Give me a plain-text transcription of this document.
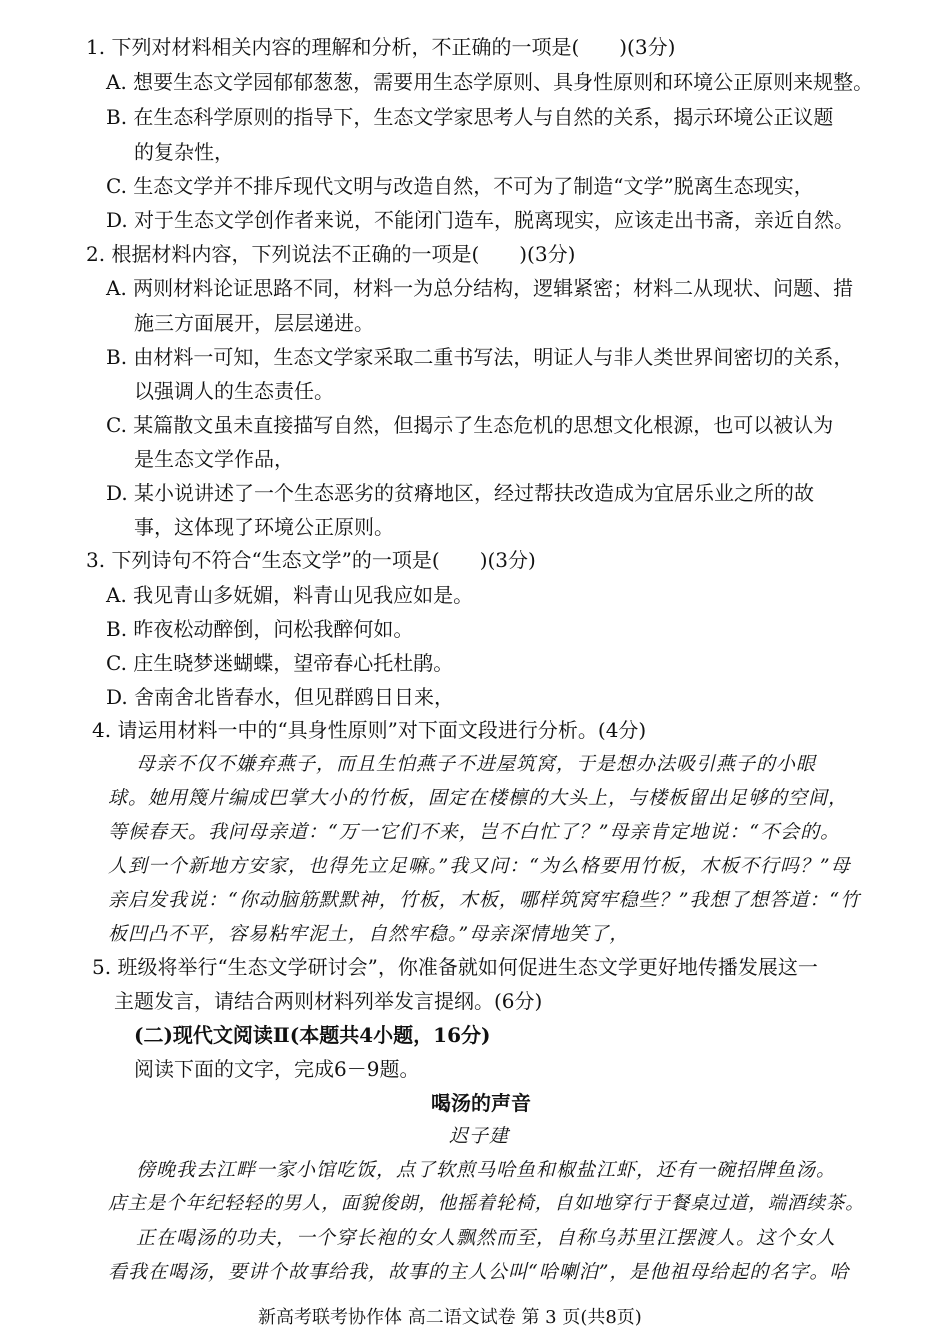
1. 下列对材料相关内容的理解和分析，不正确的一项是(　　)(3分)
A. 想要生态文学园郁郁葱葱，需要用生态学原则、具身性原则和环境公正原则来规整。
B. 在生态科学原则的指导下，生态文学家思考人与自然的关系，揭示环境公正议题
的复杂性，
C. 生态文学并不排斥现代文明与改造自然，不可为了制造“文学”脱离生态现实，
D. 对于生态文学创作者来说，不能闭门造车，脱离现实，应该走出书斋，亲近自然。
2. 根据材料内容，下列说法不正确的一项是(　　)(3分)
A. 两则材料论证思路不同，材料一为总分结构，逻辑紧密；材料二从现状、问题、措
施三方面展开，层层递进。
B. 由材料一可知，生态文学家采取二重书写法，明证人与非人类世界间密切的关系，
以强调人的生态责任。
C. 某篇散文虽未直接描写自然，但揭示了生态危机的思想文化根源，也可以被认为
是生态文学作品，
D. 某小说讲述了一个生态恶劣的贫瘠地区，经过帮扶改造成为宜居乐业之所的故
事，这体现了环境公正原则。
3. 下列诗句不符合“生态文学”的一项是(　　)(3分)
A. 我见青山多妩媚，料青山见我应如是。
B. 昨夜松动醉倒，问松我醉何如。
C. 庄生晓梦迷蝴蝶，望帝春心托杜鹃。
D. 舍南舍北皆春水，但见群鸥日日来，
4. 请运用材料一中的“具身性原则”对下面文段进行分析。(4分)
母亲不仅不嫌弃燕子，而且生怕燕子不进屋筑窝，于是想办法吸引燕子的小眼
球。她用篾片编成巴掌大小的竹板，固定在楼檩的大头上，与楼板留出足够的空间，
等候春天。我问母亲道：“万一它们不来，岂不白忙了？”母亲肯定地说：“不会的。
人到一个新地方安家，也得先立足嘛。”我又问：“为么格要用竹板，木板不行吗？”母
亲启发我说：“你动脑筋默默神，竹板，木板，哪样筑窝牢稳些？”我想了想答道：“竹
板凹凸不平，容易粘牢泥土，自然牢稳。”母亲深情地笑了，
5. 班级将举行“生态文学研讨会”，你准备就如何促进生态文学更好地传播发展这一
主题发言，请结合两则材料列举发言提纲。(6分)
(二)现代文阅读Ⅱ(本题共4小题，16分)
阅读下面的文字，完成6－9题。
喝汤的声音
迟子建
傍晚我去江畔一家小馆吃饭，点了软煎马哈鱼和椒盐江虾，还有一碗招牌鱼汤。
店主是个年纪轻轻的男人，面貌俊朗，他摇着轮椅，自如地穿行于餐桌过道，端酒续茶。
正在喝汤的功夫，一个穿长袍的女人飘然而至，自称乌苏里江摆渡人。这个女人
看我在喝汤，要讲个故事给我，故事的主人公叫“哈喇泊”，是他祖母给起的名字。哈
新高考联考协作体 高二语文试卷 第 3 页(共8页)
